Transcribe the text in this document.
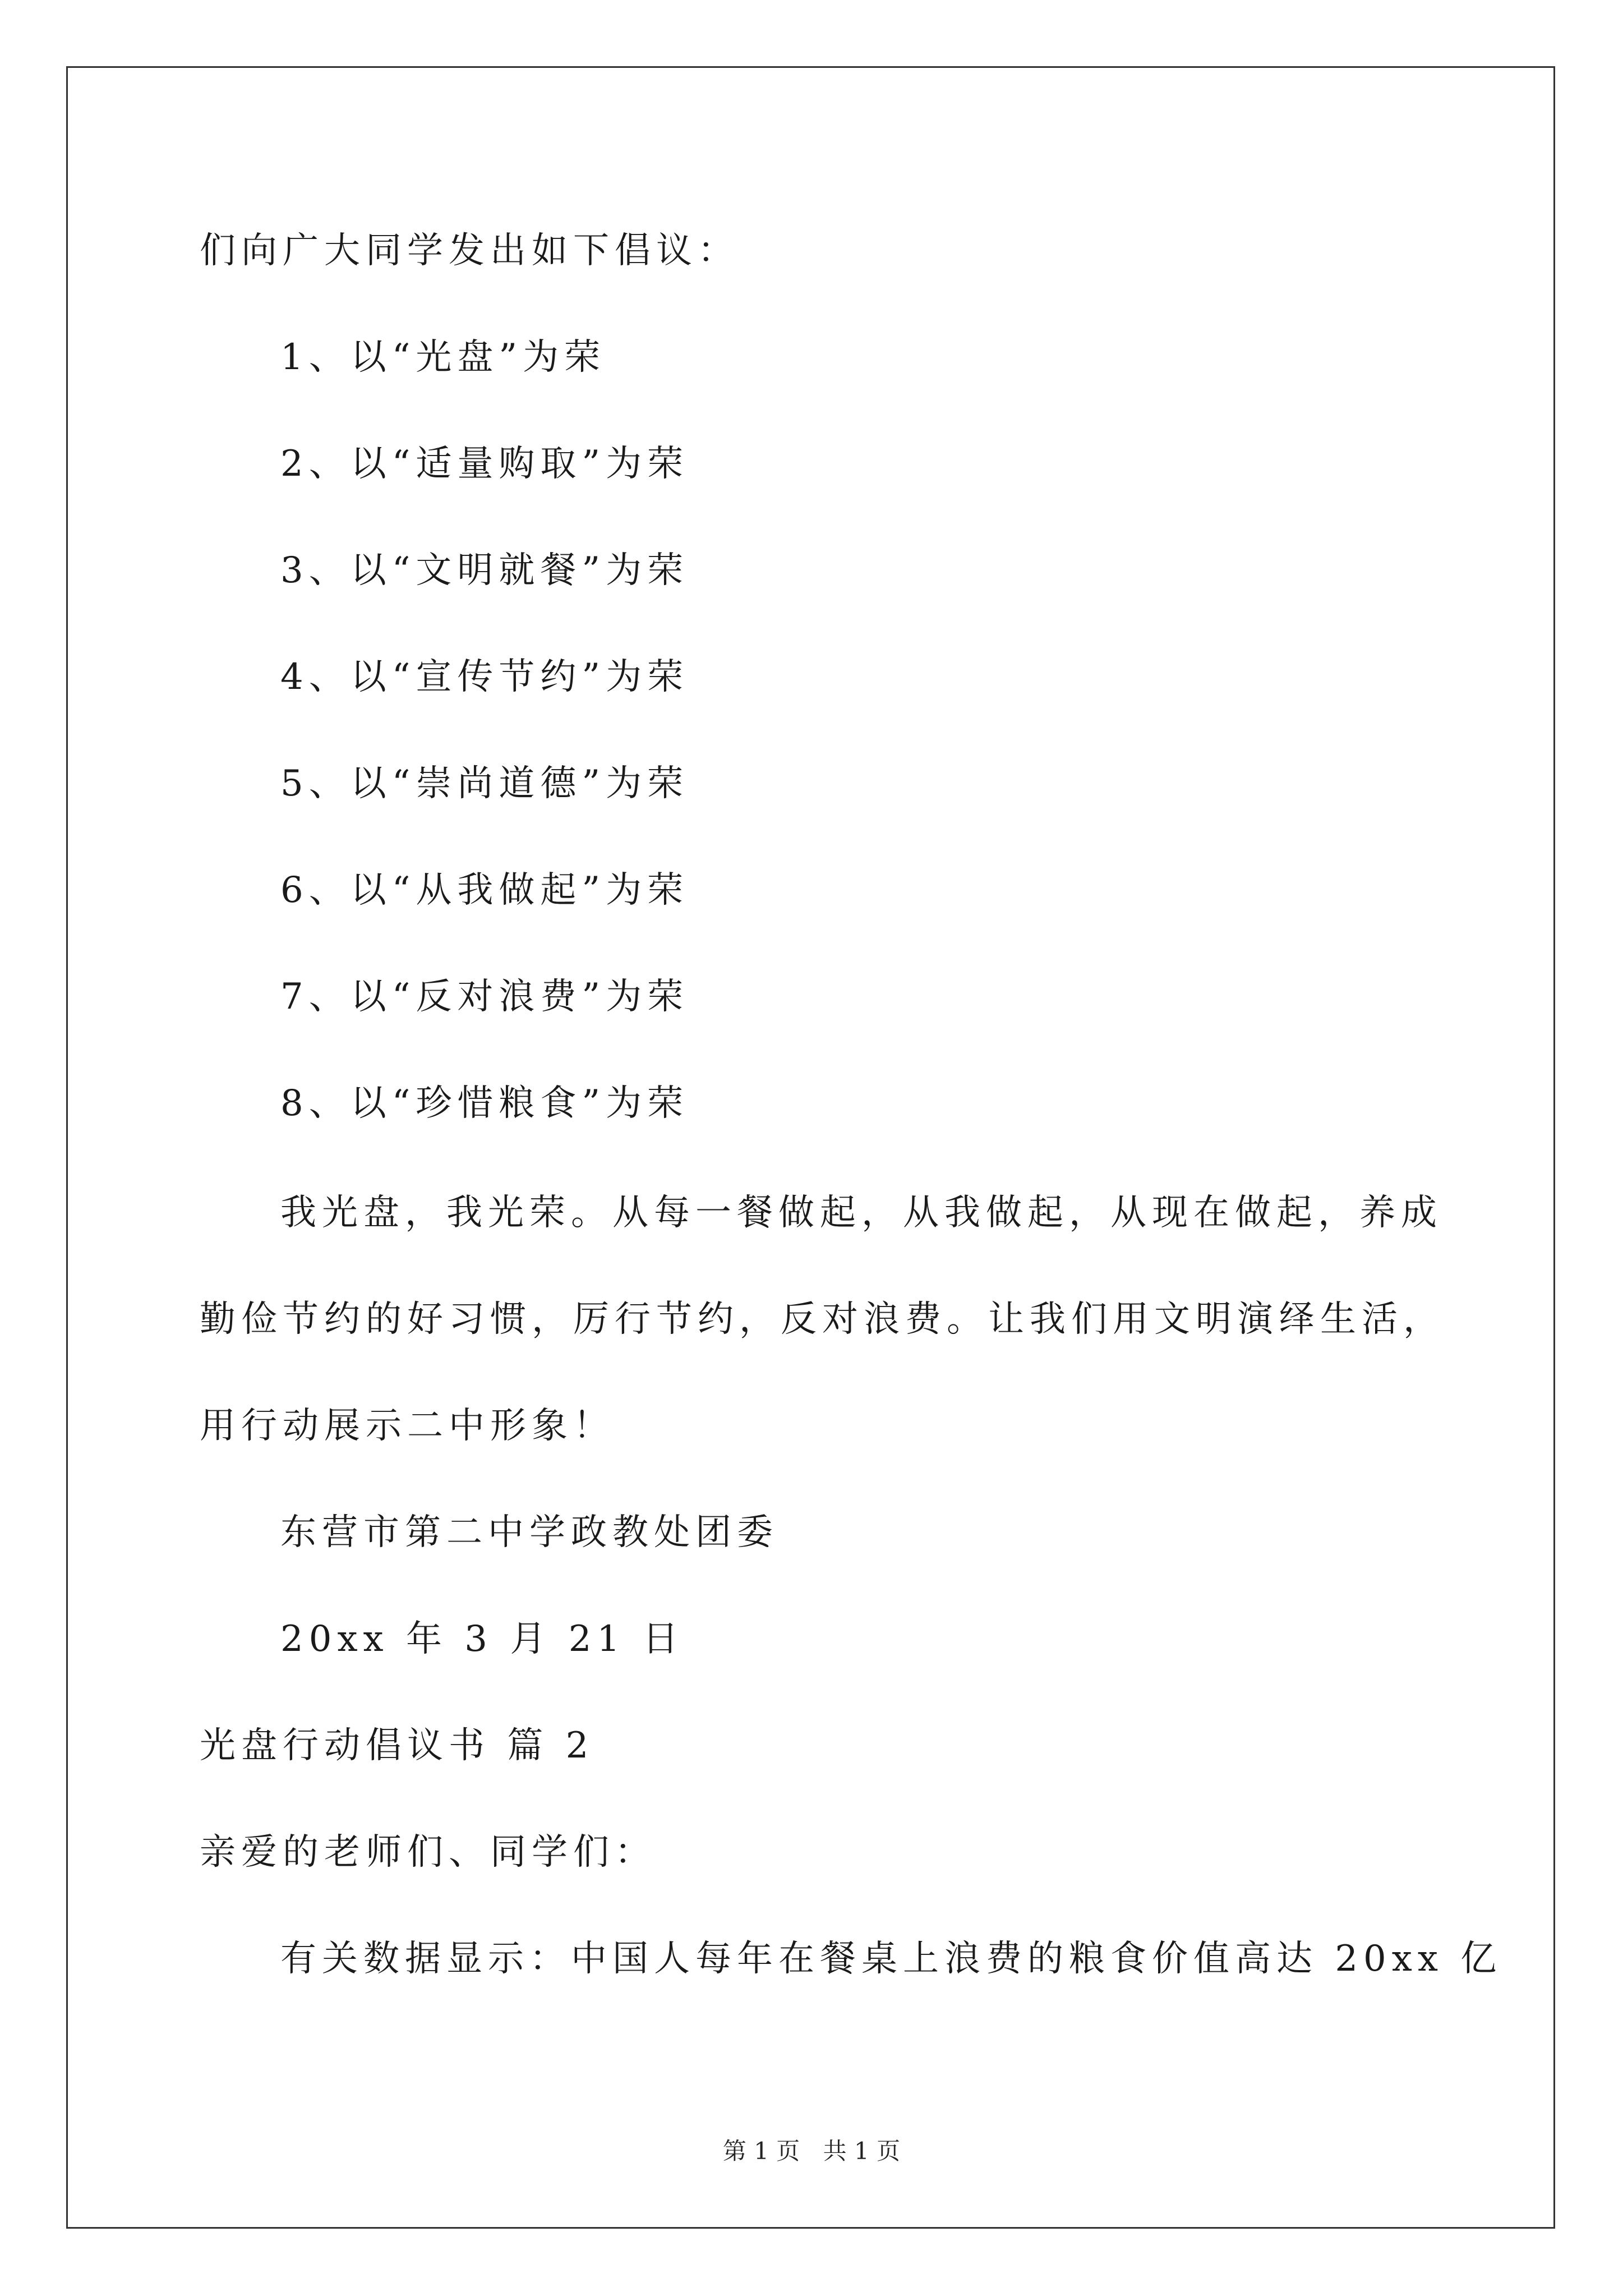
们向广大同学发出如下倡议：
1、以“光盘”为荣
2、以“适量购取”为荣
3、以“文明就餐”为荣
4、以“宣传节约”为荣
5、以“崇尚道德”为荣
6、以“从我做起”为荣
7、以“反对浪费”为荣
8、以“珍惜粮食”为荣
我光盘，我光荣。从每一餐做起，从我做起，从现在做起，养成
勤俭节约的好习惯，厉行节约，反对浪费。让我们用文明演绎生活，
用行动展示二中形象！
东营市第二中学政教处团委
20xx 年 3 月 21 日
光盘行动倡议书 篇 2
亲爱的老师们、同学们：
有关数据显示：中国人每年在餐桌上浪费的粮食价值高达 20xx 亿
第 1 页 共 1 页
